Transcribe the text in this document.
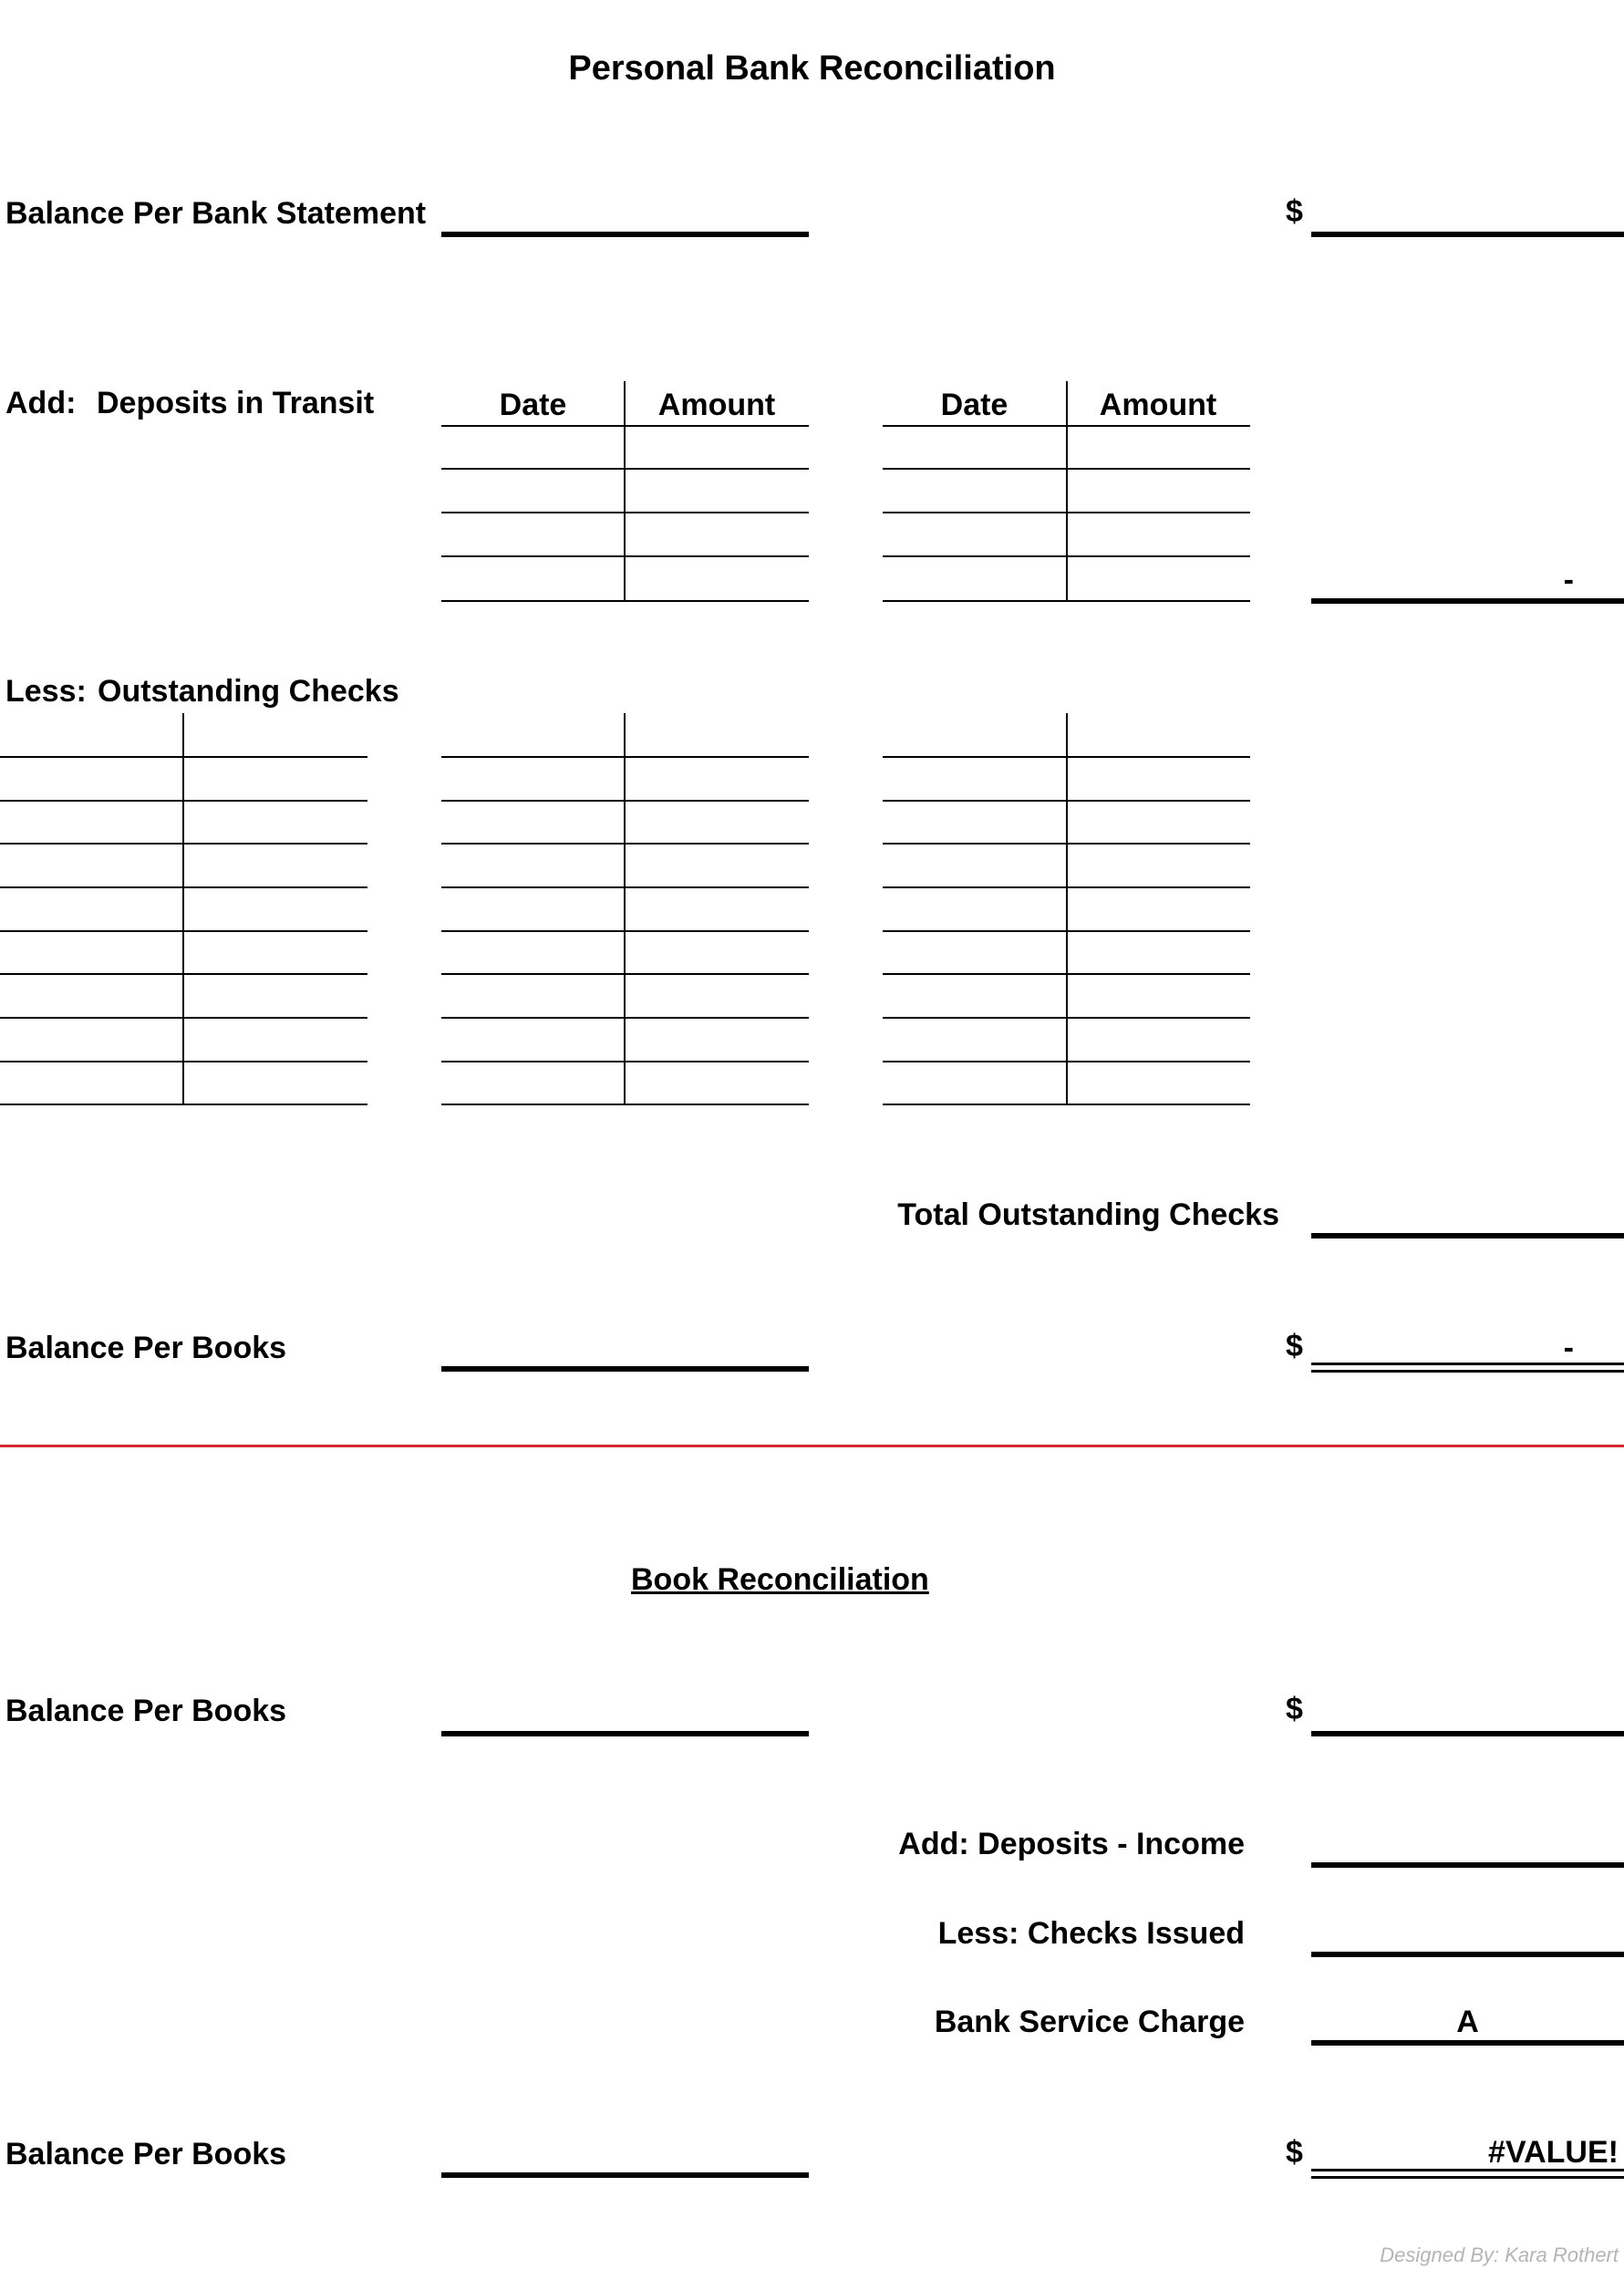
Personal Bank Reconciliation
Balance Per Bank Statement	$
Add: Deposits in Transit	Date	Amount	Date	Amount
-
Less: Outstanding Checks
Total Outstanding Checks
Balance Per Books	$	-
Book Reconciliation
Balance Per Books	$
Add: Deposits - Income
Less: Checks Issued
Bank Service Charge	A
Balance Per Books	$	#VALUE!
Designed By: Kara Rothert
